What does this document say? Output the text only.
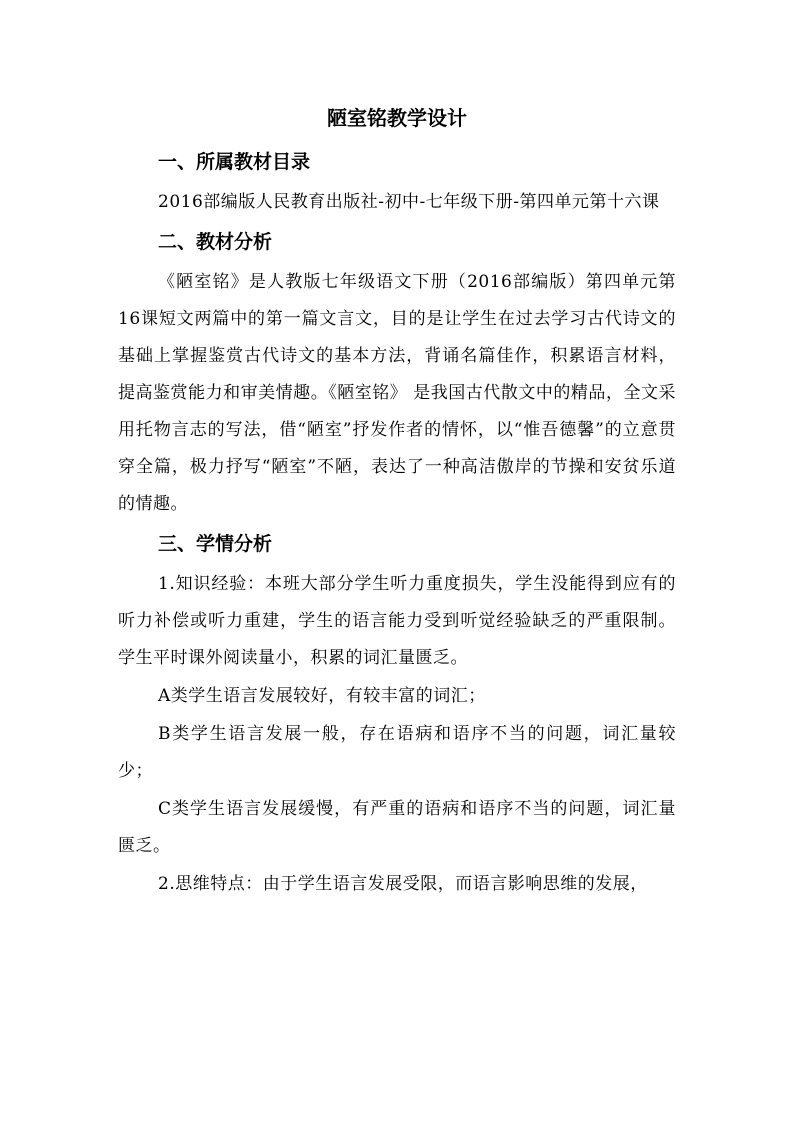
陋室铭教学设计
一、所属教材目录

2016部编版人民教育出版社-初中-七年级下册-第四单元第十六课

二、教材分析

《陋室铭》是人教版七年级语文下册（2016部编版）第四单元第16课短文两篇中的第一篇文言文，目的是让学生在过去学习古代诗文的基础上掌握鉴赏古代诗文的基本方法，背诵名篇佳作，积累语言材料，提高鉴赏能力和审美情趣。《陋室铭》 是我国古代散文中的精品，全文采用托物言志的写法，借“陋室”抒发作者的情怀，以“惟吾德馨”的立意贯穿全篇，极力抒写“陋室”不陋，表达了一种高洁傲岸的节操和安贫乐道的情趣。

三、学情分析

1.知识经验：本班大部分学生听力重度损失，学生没能得到应有的听力补偿或听力重建，学生的语言能力受到听觉经验缺乏的严重限制。学生平时课外阅读量小，积累的词汇量匮乏。

A类学生语言发展较好，有较丰富的词汇；

B类学生语言发展一般，存在语病和语序不当的问题，词汇量较少；

C类学生语言发展缓慢，有严重的语病和语序不当的问题，词汇量匮乏。

2.思维特点：由于学生语言发展受限，而语言影响思维的发展，
